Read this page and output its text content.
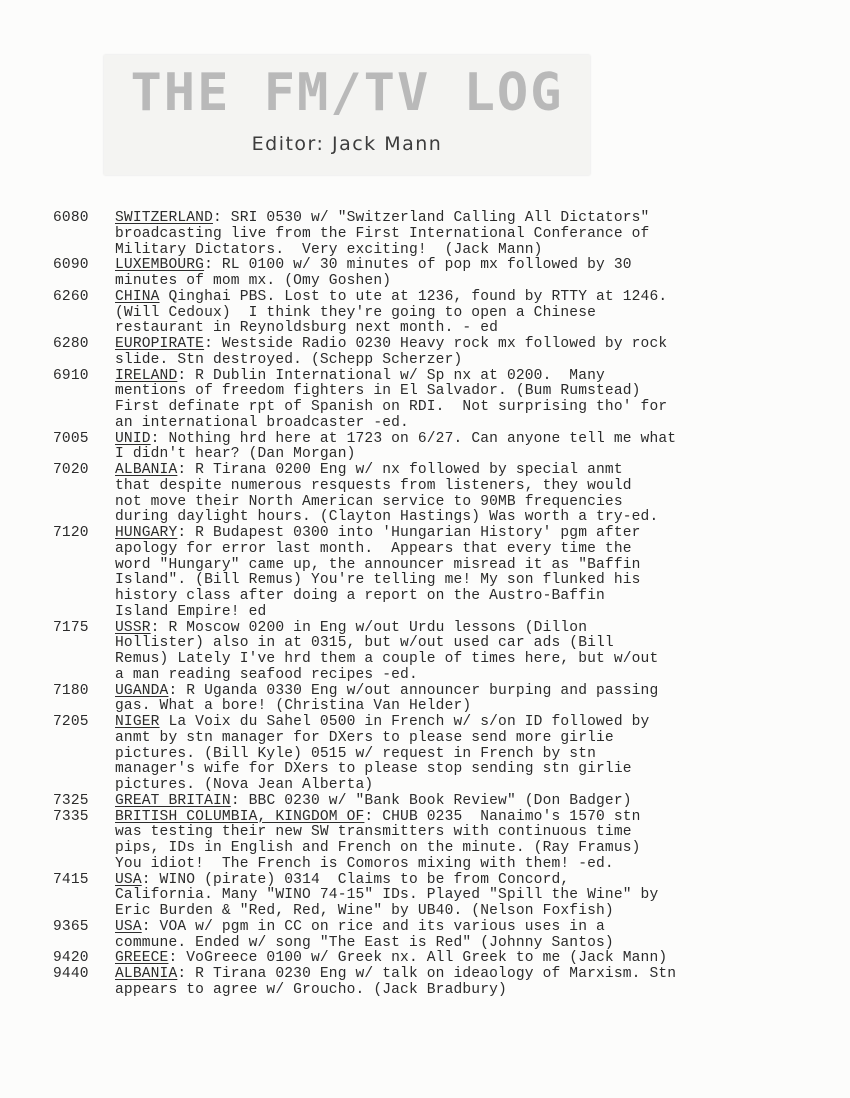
THE FM/TV LOG
Editor: Jack Mann
6080	SWITZERLAND: SRI 0530 w/ "Switzerland Calling All Dictators"
broadcasting live from the First International Conferance of
Military Dictators.  Very exciting!  (Jack Mann)
6090	LUXEMBOURG: RL 0100 w/ 30 minutes of pop mx followed by 30
minutes of mom mx. (Omy Goshen)
6260	CHINA Qinghai PBS. Lost to ute at 1236, found by RTTY at 1246.
(Will Cedoux)  I think they're going to open a Chinese
restaurant in Reynoldsburg next month. - ed
6280	EUROPIRATE: Westside Radio 0230 Heavy rock mx followed by rock
slide. Stn destroyed. (Schepp Scherzer)
6910	IRELAND: R Dublin International w/ Sp nx at 0200.  Many
mentions of freedom fighters in El Salvador. (Bum Rumstead)
First definate rpt of Spanish on RDI.  Not surprising tho' for
an international broadcaster -ed.
7005	UNID: Nothing hrd here at 1723 on 6/27. Can anyone tell me what
I didn't hear? (Dan Morgan)
7020	ALBANIA: R Tirana 0200 Eng w/ nx followed by special anmt
that despite numerous resquests from listeners, they would
not move their North American service to 90MB frequencies
during daylight hours. (Clayton Hastings) Was worth a try-ed.
7120	HUNGARY: R Budapest 0300 into 'Hungarian History' pgm after
apology for error last month.  Appears that every time the
word "Hungary" came up, the announcer misread it as "Baffin
Island". (Bill Remus) You're telling me! My son flunked his
history class after doing a report on the Austro-Baffin
Island Empire! ed
7175	USSR: R Moscow 0200 in Eng w/out Urdu lessons (Dillon
Hollister) also in at 0315, but w/out used car ads (Bill
Remus) Lately I've hrd them a couple of times here, but w/out
a man reading seafood recipes -ed.
7180	UGANDA: R Uganda 0330 Eng w/out announcer burping and passing
gas. What a bore! (Christina Van Helder)
7205	NIGER La Voix du Sahel 0500 in French w/ s/on ID followed by
anmt by stn manager for DXers to please send more girlie
pictures. (Bill Kyle) 0515 w/ request in French by stn
manager's wife for DXers to please stop sending stn girlie
pictures. (Nova Jean Alberta)
7325	GREAT BRITAIN: BBC 0230 w/ "Bank Book Review" (Don Badger)
7335	BRITISH COLUMBIA, KINGDOM OF: CHUB 0235  Nanaimo's 1570 stn
was testing their new SW transmitters with continuous time
pips, IDs in English and French on the minute. (Ray Framus)
You idiot!  The French is Comoros mixing with them! -ed.
7415	USA: WINO (pirate) 0314  Claims to be from Concord,
California. Many "WINO 74-15" IDs. Played "Spill the Wine" by
Eric Burden & "Red, Red, Wine" by UB40. (Nelson Foxfish)
9365	USA: VOA w/ pgm in CC on rice and its various uses in a
commune. Ended w/ song "The East is Red" (Johnny Santos)
9420	GREECE: VoGreece 0100 w/ Greek nx. All Greek to me (Jack Mann)
9440	ALBANIA: R Tirana 0230 Eng w/ talk on ideaology of Marxism. Stn
appears to agree w/ Groucho. (Jack Bradbury)
